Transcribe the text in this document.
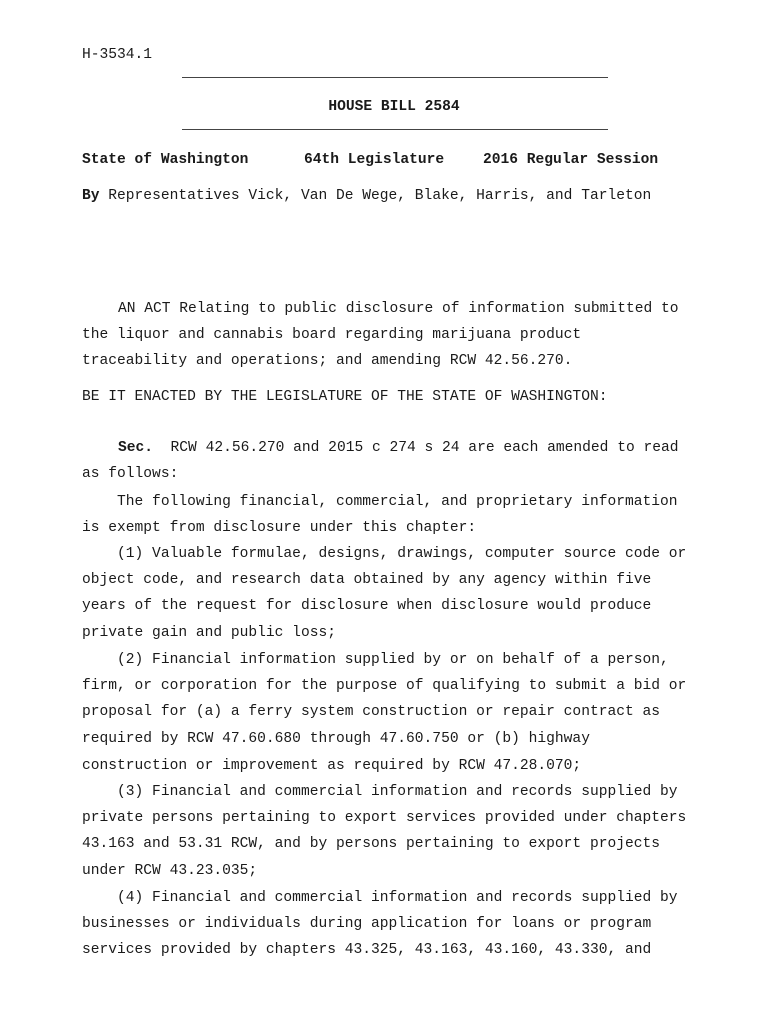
H-3534.1
HOUSE BILL 2584
State of Washington	64th Legislature	2016 Regular Session
By Representatives Vick, Van De Wege, Blake, Harris, and Tarleton
AN ACT Relating to public disclosure of information submitted to
the liquor and cannabis board regarding marijuana product
traceability and operations; and amending RCW 42.56.270.
BE IT ENACTED BY THE LEGISLATURE OF THE STATE OF WASHINGTON:
Sec.  RCW 42.56.270 and 2015 c 274 s 24 are each amended to read
as follows:
The following financial, commercial, and proprietary information
is exempt from disclosure under this chapter:
(1) Valuable formulae, designs, drawings, computer source code or
object code, and research data obtained by any agency within five
years of the request for disclosure when disclosure would produce
private gain and public loss;
(2) Financial information supplied by or on behalf of a person,
firm, or corporation for the purpose of qualifying to submit a bid or
proposal for (a) a ferry system construction or repair contract as
required by RCW 47.60.680 through 47.60.750 or (b) highway
construction or improvement as required by RCW 47.28.070;
(3) Financial and commercial information and records supplied by
private persons pertaining to export services provided under chapters
43.163 and 53.31 RCW, and by persons pertaining to export projects
under RCW 43.23.035;
(4) Financial and commercial information and records supplied by
businesses or individuals during application for loans or program
services provided by chapters 43.325, 43.163, 43.160, 43.330, and
